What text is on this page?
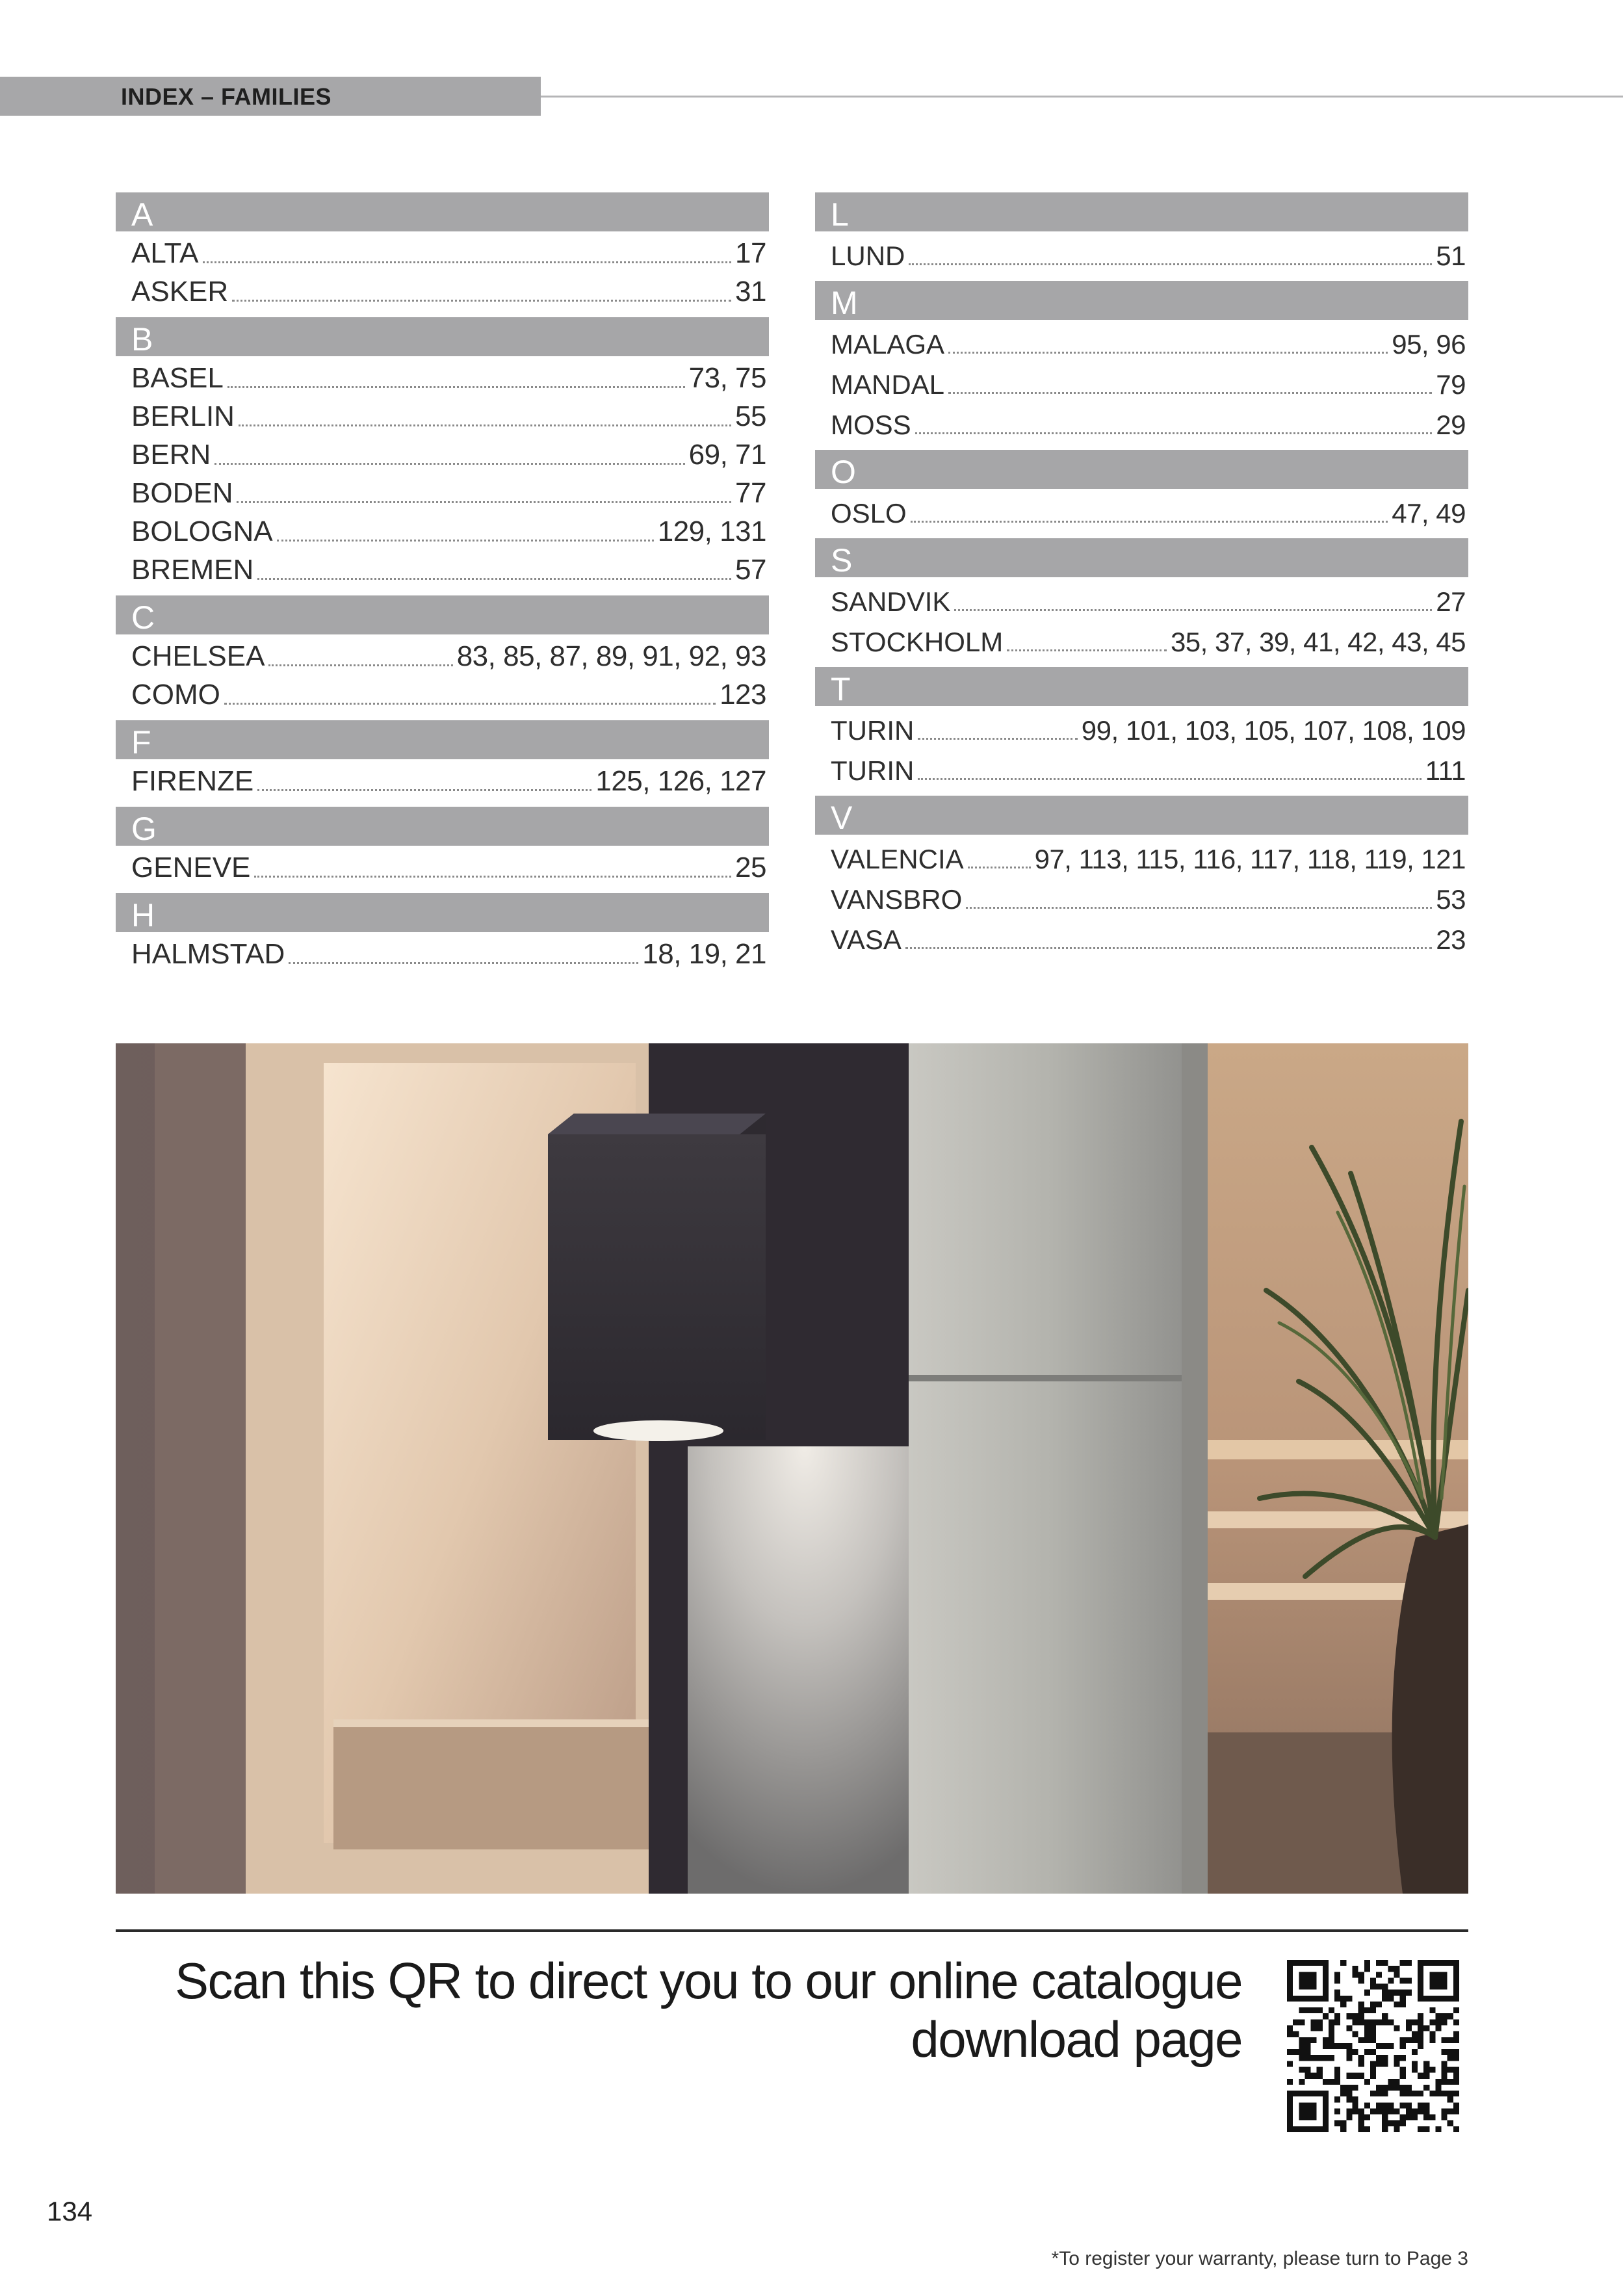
INDEX – FAMILIES
A
ALTA	17
ASKER	31
B
BASEL	73, 75
BERLIN	55
BERN	69, 71
BODEN	77
BOLOGNA	129, 131
BREMEN	57
C
CHELSEA	83, 85, 87, 89, 91, 92, 93
COMO	123
F
FIRENZE	125, 126, 127
G
GENEVE	25
H
HALMSTAD	18, 19, 21
L
LUND	51
M
MALAGA	95, 96
MANDAL	79
MOSS	29
O
OSLO	47, 49
S
SANDVIK	27
STOCKHOLM	35, 37, 39, 41, 42, 43, 45
T
TURIN	99, 101, 103, 105, 107, 108, 109
TURIN	111
V
VALENCIA	97, 113, 115, 116, 117, 118, 119, 121
VANSBRO	53
VASA	23
Scan this QR to direct you to our online catalogue
download page
134
*To register your warranty, please turn to Page 3
